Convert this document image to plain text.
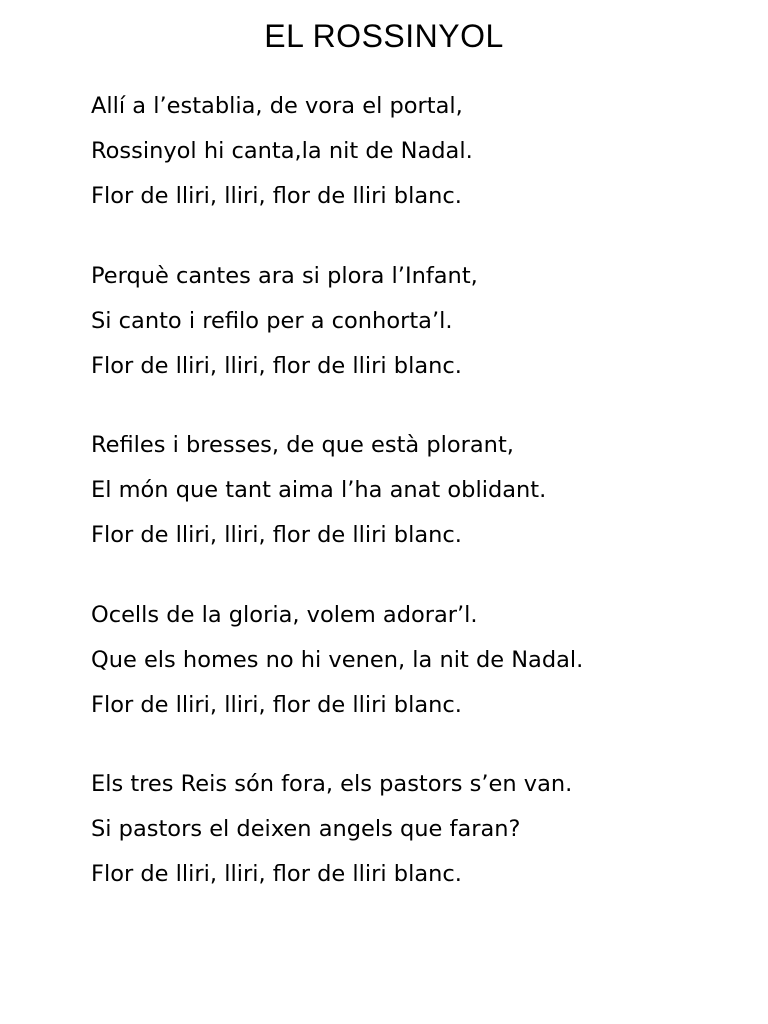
EL ROSSINYOL
Allí a l’establia, de vora el portal,
Rossinyol hi canta,la nit de Nadal.
Flor de lliri, lliri, flor de lliri blanc.
Perquè cantes ara si plora l’Infant,
Si canto i refilo per a conhorta’l.
Flor de lliri, lliri, flor de lliri blanc.
Refiles i bresses, de que està plorant,
El món que tant aima l’ha anat oblidant.
Flor de lliri, lliri, flor de lliri blanc.
Ocells de la gloria, volem adorar’l.
Que els homes no hi venen, la nit de Nadal.
Flor de lliri, lliri, flor de lliri blanc.
Els tres Reis són fora, els pastors s’en van.
Si pastors el deixen angels que faran?
Flor de lliri, lliri, flor de lliri blanc.
